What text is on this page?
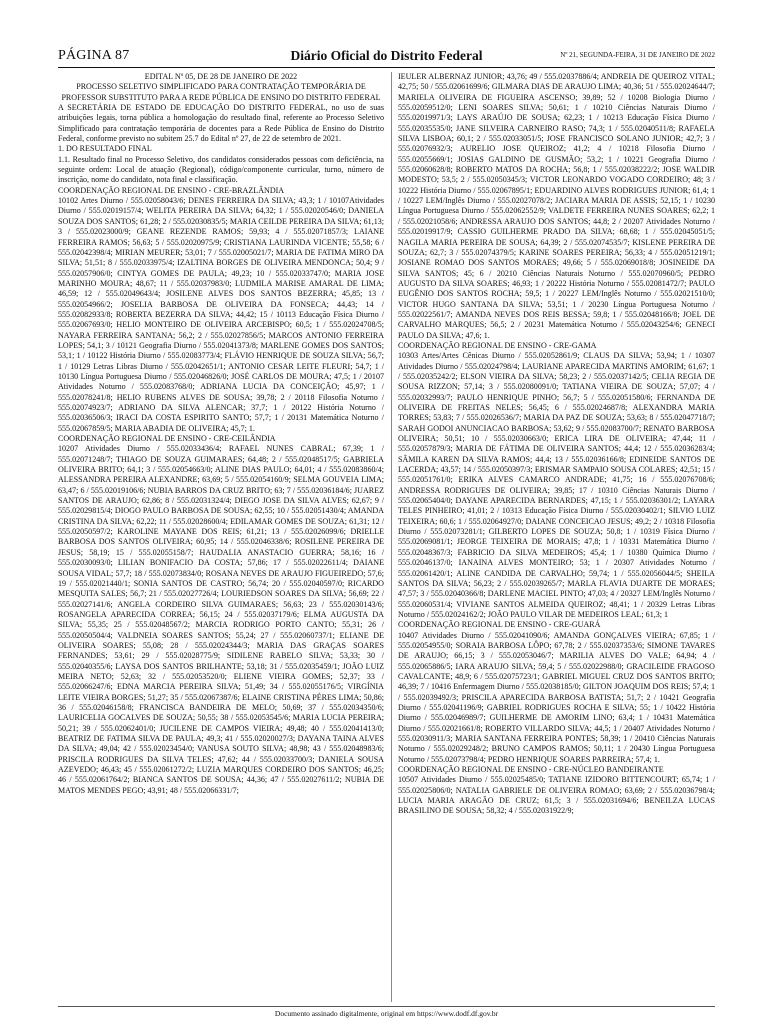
PÁGINA 87	Diário Oficial do Distrito Federal	Nº 21, SEGUNDA-FEIRA, 31 DE JANEIRO DE 2022

EDITAL Nº 05, DE 28 DE JANEIRO DE 2022

PROCESSO SELETIVO SIMPLIFICADO PARA CONTRATAÇÃO TEMPORÁRIA DE PROFESSOR SUBSTITUTO PARA A REDE PÚBLICA DE ENSINO DO DISTRITO FEDERAL

A SECRETÁRIA DE ESTADO DE EDUCAÇÃO DO DISTRITO FEDERAL, no uso de suas atribuições legais, torna pública a homologação do resultado final, referente ao Processo Seletivo Simplificado para contratação temporária de docentes para a Rede Pública de Ensino do Distrito Federal, conforme previsto no subitem 25.7 do Edital nº 27, de 22 de setembro de 2021.

1. DO RESULTADO FINAL

1.1. Resultado final no Processo Seletivo, dos candidatos considerados pessoas com deficiência, na seguinte ordem: Local de atuação (Regional), código/componente curricular, turno, número de inscrição, nome do candidato, nota final e classificação.

COORDENAÇÃO REGIONAL DE ENSINO - CRE-BRAZLÂNDIA

10102 Artes Diurno / 555.02058043/6; DENES FERREIRA DA SILVA; 43,3; 1 / 10107Atividades Diurno / 555.02019157/4; WELITA PEREIRA DA SILVA; 64,32; 1 / 555.02020546/0; DANIELA SOUZA DOS SANTOS; 61,28; 2 / 555.02030835/5; MARIA CEILDE PEREIRA DA SILVA; 61,13; 3 / 555.02023000/9; GEANE REZENDE RAMOS; 59,93; 4 / 555.02071857/3; LAIANE FERREIRA RAMOS; 56,63; 5 / 555.02020975/9; CRISTIANA LAURINDA VICENTE; 55,58; 6 / 555.02042398/4; MIRIAN MEURER; 53,01; 7 / 555.02005021/7; MARIA DE FATIMA MIRO DA SILVA; 51,51; 8 / 555.02033975/4; IZALTINA BORGES DE OLIVEIRA MENDONCA; 50,4; 9 / 555.02057906/0; CINTYA GOMES DE PAULA; 49,23; 10 / 555.02033747/0; MARIA JOSE MARINHO MOURA; 48,67; 11 / 555.02037983/0; LUDMILA MARISE AMARAL DE LIMA; 46,59; 12 / 555.02049643/4; JOSILENE ALVES DOS SANTOS BEZERRA; 45,85; 13 / 555.02054966/2; JOSELIA BARBOSA DE OLIVEIRA DA FONSECA; 44,43; 14 / 555.02082933/8; ROBERTA BEZERRA DA SILVA; 44,42; 15 / 10113 Educação Física Diurno / 555.02067693/0; HELIO MONTEIRO DE OLIVEIRA ARCEBISPO; 60,5; 1 / 555.02024708/5; NAYARA FERREIRA SANTANA; 56,2; 2 / 555.02027856/5; MARCOS ANTONIO FERREIRA LOPES; 54,1; 3 / 10121 Geografia Diurno / 555.02041373/8; MARLENE GOMES DOS SANTOS; 53,1; 1 / 10122 História Diurno / 555.02083773/4; FLÁVIO HENRIQUE DE SOUZA SILVA; 56,7; 1 / 10129 Letras Libras Diurno / 555.02042651/1; ANTONIO CESAR LEITE FLEURI; 54,7; 1 / 10130 Língua Portuguesa Diurno / 555.02046826/0; JOSÉ CARLOS DE MOURA; 47,5; 1 / 20107 Atividades Noturno / 555.02083768/0; ADRIANA LUCIA DA CONCEIÇÃO; 45,97; 1 / 555.02078241/8; HELIO RUBENS ALVES DE SOUSA; 39,78; 2 / 20118 Filosofia Noturno / 555.02074923/7; ADRIANO DA SILVA ALENCAR; 37,7; 1 / 20122 História Noturno / 555.02036506/3; IRACI DA COSTA ESPIRITO SANTO; 57,7; 1 / 20131 Matemática Noturno / 555.02067859/5; MARIA ABADIA DE OLIVEIRA; 45,7; 1.

COORDENAÇÃO REGIONAL DE ENSINO - CRE-CEILÂNDIA

10207 Atividades Diurno / 555.02033436/4; RAFAEL NUNES CABRAL; 67,39; 1 / 555.02071248/7; THIAGO DE SOUZA GUIMARAES; 64,48; 2 / 555.02048517/5; GABRIELA OLIVEIRA BRITO; 64,1; 3 / 555.02054663/0; ALINE DIAS PAULO; 64,01; 4 / 555.02083860/4; ALESSANDRA PEREIRA ALEXANDRE; 63,69; 5 / 555.02054160/9; SELMA GOUVEIA LIMA; 63,47; 6 / 555.02019106/6; NUBIA BARROS DA CRUZ BRITO; 63; 7 / 555.02036184/6; JUAREZ SANTOS DE ARAUJO; 62,86; 8 / 555.02031324/4; DIEGO JOSE DA SILVA ALVES; 62,67; 9 / 555.02029815/4; DIOGO PAULO BARBOSA DE SOUSA; 62,55; 10 / 555.02051430/4; AMANDA CRISTINA DA SILVA; 62,22; 11 / 555.02028600/4; EDILAMAR GOMES DE SOUZA; 61,31; 12 / 555.02050597/2; KAROLINE MAYANE DOS REIS; 61,21; 13 / 555.02026099/6; DRIELLE BARBOSA DOS SANTOS OLIVEIRA; 60,95; 14 / 555.02046338/6; ROSILENE PEREIRA DE JESUS; 58,19; 15 / 555.02055158/7; HAUDALIA ANASTACIO GUERRA; 58,16; 16 / 555.02030093/0; LILIAN BONIFACIO DA COSTA; 57,86; 17 / 555.02022611/4; DAIANE SOUSA VIDAL; 57,7; 18 / 555.02073834/0; ROSANA NEVES DE ARAUJO FIGUEIREDO; 57,6; 19 / 555.02021440/1; SONIA SANTOS DE CASTRO; 56,74; 20 / 555.02040597/0; RICARDO MESQUITA SALES; 56,7; 21 / 555.02027726/4; LOURIEDSON SOARES DA SILVA; 56,69; 22 / 555.02027141/6; ANGELA CORDEIRO SILVA GUIMARAES; 56,63; 23 / 555.02030143/6; ROSANGELA APARECIDA CORREA; 56,15; 24 / 555.02037179/6; ELMA AUGUSTA DA SILVA; 55,35; 25 / 555.02048567/2; MARCIA RODRIGO PORTO CANTO; 55,31; 26 / 555.02050504/4; VALDNEIA SOARES SANTOS; 55,24; 27 / 555.02060737/1; ELIANE DE OLIVEIRA SOARES; 55,08; 28 / 555.02024344/3; MARIA DAS GRAÇAS SOARES FERNANDES; 53,61; 29 / 555.02028775/9; SIDILENE RABELO SILVA; 53,33; 30 / 555.02040355/6; LAYSA DOS SANTOS BRILHANTE; 53,18; 31 / 555.02035459/1; JOÃO LUIZ MEIRA NETO; 52,63; 32 / 555.02053520/0; ELIENE VIEIRA GOMES; 52,37; 33 / 555.02066247/6; EDNA MARCIA PEREIRA SILVA; 51,49; 34 / 555.02055176/5; VIRGÍNIA LEITE VIEIRA BORGES; 51,27; 35 / 555.02067387/6; ELAINE CRISTINA PÉRES LIMA; 50,86; 36 / 555.02046158/8; FRANCISCA BANDEIRA DE MELO; 50,69; 37 / 555.02034350/6; LAURICELIA GOCALVES DE SOUZA; 50,55; 38 / 555.02053545/6; MARIA LUCIA PEREIRA; 50,21; 39 / 555.02062401/0; JUCILENE DE CAMPOS VIEIRA; 49,48; 40 / 555.02041413/0; BEATRIZ DE FATIMA SILVA DE PAULA; 49,3; 41 / 555.02020027/3; DAYANA TAINA ALVES DA SILVA; 49,04; 42 / 555.02023454/0; VANUSA SOUTO SILVA; 48,98; 43 / 555.02048983/6; PRISCILA RODRIGUES DA SILVA TELES; 47,62; 44 / 555.02033700/3; DANIELA SOUSA AZEVEDO; 46,43; 45 / 555.02061272/2; LUZIA MARQUES CORDEIRO DOS SANTOS; 46,25; 46 / 555.02061764/2; BIANCA SANTOS DE SOUSA; 44,36; 47 / 555.02027611/2; NUBIA DE MATOS MENDES PEGO; 43,91; 48 / 555.02066331/7;

IEULER ALBERNAZ JUNIOR; 43,76; 49 / 555.02037886/4; ANDREIA DE QUEIROZ VITAL; 42,75; 50 / 555.02061699/6; GILMARA DIAS DE ARAUJO LIMA; 40,36; 51 / 555.02024644/7; MARIELA OLIVEIRA DE FIGUEIRA ASCENSO; 39,89; 52 / 10208 Biologia Diurno / 555.02059512/0; LENI SOARES SILVA; 50,61; 1 / 10210 Ciências Naturais Diurno / 555.02019971/3; LAYS ARAÚJO DE SOUSA; 62,23; 1 / 10213 Educação Física Diurno / 555.02035535/0; JANE SILVEIRA CARNEIRO RASO; 74,3; 1 / 555.02040511/8; RAFAELA SILVA LISBOA; 60,1; 2 / 555.02033051/5; JOSE FRANCISCO SOLANO JUNIOR; 42,7; 3 / 555.02076932/3; AURELIO JOSE QUEIROZ; 41,2; 4 / 10218 Filosofia Diurno / 555.02055669/1; JOSIAS GALDINO DE GUSMÃO; 53,2; 1 / 10221 Geografia Diurno / 555.02060628/8; ROBERTO MATOS DA ROCHA; 56,8; 1 / 555.02038222/2; JOSE WALDIR MODESTO; 53,5; 2 / 555.02050345/3; VICTOR LEONARDO VOGADO CORDEIRO; 48; 3 / 10222 História Diurno / 555.02067895/1; EDUARDINO ALVES RODRIGUES JUNIOR; 61,4; 1 / 10227 LEM/Inglês Diurno / 555.02027078/2; JACIARA MARIA DE ASSIS; 52,15; 1 / 10230 Língua Portuguesa Diurno / 555.02062552/9; VALDETE FERREIRA NUNES SOARES; 62,2; 1 / 555.02021058/6; ANDRESSA ARAUJO DOS SANTOS; 44,8; 2 / 20207 Atividades Noturno / 555.02019917/9; CASSIO GUILHERME PRADO DA SILVA; 68,68; 1 / 555.02045051/5; NAGILA MARIA PEREIRA DE SOUSA; 64,39; 2 / 555.02074535/7; KISLENE PEREIRA DE SOUZA; 62,7; 3 / 555.02074379/5; KARINE SOARES PEREIRA; 56,33; 4 / 555.02051219/1; JOSIANE ROMAO DOS SANTOS MORAES; 49,66; 5 / 555.02069018/8; JOSINEIDE DA SILVA SANTOS; 45; 6 / 20210 Ciências Naturais Noturno / 555.02070960/5; PEDRO AUGUSTO DA SILVA SOARES; 46,93; 1 / 20222 História Noturno / 555.02081472/7; PAULO EUGÊNIO DOS SANTOS ROCHA; 59,5; 1 / 20227 LEM/Inglês Noturno / 555.02021510/0; VICTOR HUGO SANTANA DA SILVA; 53,51; 1 / 20230 Língua Portuguesa Noturno / 555.02022561/7; AMANDA NEVES DOS REIS BESSA; 59,8; 1 / 555.02048166/8; JOEL DE CARVALHO MARQUES; 56,5; 2 / 20231 Matemática Noturno / 555.02043254/6; GENECI PAULO DA SILVA; 47,6; 1.

COORDENAÇÃO REGIONAL DE ENSINO - CRE-GAMA

10303 Artes/Artes Cênicas Diurno / 555.02052861/9; CLAUS DA SILVA; 53,94; 1 / 10307 Atividades Diurno / 555.02024798/4; LAURIANE APARECIDA MARTINS AMORIM; 61,67; 1 / 555.02035242/2; ELSON VIEIRA DA SILVA; 58,23; 2 / 555.02037142/5; CELIA REGIA DE SOUSA RIZZON; 57,14; 3 / 555.02080091/0; TATIANA VIEIRA DE SOUZA; 57,07; 4 / 555.02032993/7; PAULO HENRIQUE PINHO; 56,7; 5 / 555.02051580/6; FERNANDA DE OLIVEIRA DE FREITAS NELES; 56,45; 6 / 555.02024687/8; ALEXANDRA MARIA TORRES; 53,83; 7 / 555.02026536/7; MARIA DA PAZ DE SOUZA; 53,63; 8 / 555.02047718/7; SARAH GODOI ANUNCIACAO BARBOSA; 53,62; 9 / 555.02083700/7; RENATO BARBOSA OLIVEIRA; 50,51; 10 / 555.02030663/0; ERICA LIRA DE OLIVEIRA; 47,44; 11 / 555.02057879/3; MARIA DE FÁTIMA DE OLIVEIRA SANTOS; 44,4; 12 / 555.02036283/4; SÂMILA KAREN DA SILVA RAMOS; 44,4; 13 / 555.02036166/8; EDINEIDE SANTOS DE LACERDA; 43,57; 14 / 555.02050397/3; ERISMAR SAMPAIO SOUSA COLARES; 42,51; 15 / 555.02051761/0; ERIKA ALVES CAMARCO ANDRADE; 41,75; 16 / 555.02076708/6; ANDRESSA RODRIGUES DE OLIVEIRA; 39,85; 17 / 10310 Ciências Naturais Diurno / 555.02065404/0; DAYANE APARECIDA BERNARDES; 47,15; 1 / 555.02036301/2; LAYARA TELES PINHEIRO; 41,01; 2 / 10313 Educação Física Diurno / 555.02030402/1; SILVIO LUIZ TEIXEIRA; 60,6; 1 / 555.02064927/0; DAIANE CONCEICAO JESUS; 49,2; 2 / 10318 Filosofia Diurno / 555.02073281/1; GILBERTO LOPES DE SOUZA; 50,8; 1 / 10319 Física Diurno / 555.02069081/1; JEORGE TEIXEIRA DE MORAIS; 47,8; 1 / 10331 Matemática Diurno / 555.02048367/3; FABRICIO DA SILVA MEDEIROS; 45,4; 1 / 10380 Química Diurno / 555.02046137/0; IANAINA ALVES MONTEIRO; 53; 1 / 20307 Atividades Noturno / 555.02061420/1; ALINE CANDIDA DE CARVALHO; 59,74; 1 / 555.02056044/5; SHEILA SANTOS DA SILVA; 56,23; 2 / 555.02039265/7; MARLA FLAVIA DUARTE DE MORAES; 47,57; 3 / 555.02040366/8; DARLENE MACIEL PINTO; 47,03; 4 / 20327 LEM/Inglês Noturno / 555.02060531/4; VIVIANE SANTOS ALMEIDA QUEIROZ; 48,41; 1 / 20329 Letras Libras Noturno / 555.02024162/2; JOÃO PAULO VILAR DE MEDEIROS LEAL; 61,3; 1

COORDENAÇÃO REGIONAL DE ENSINO - CRE-GUARÁ

10407 Atividades Diurno / 555.02041090/6; AMANDA GONÇALVES VIEIRA; 67,85; 1 / 555.02054955/0; SORAIA BARBOSA LÔPO; 67,78; 2 / 555.02037353/6; SIMONE TAVARES DE ARAUJO; 66,15; 3 / 555.02053046/7; MARILIA ALVES DO VALE; 64,94; 4 / 555.02065886/5; IARA ARAUJO SILVA; 59,4; 5 / 555.02022988/0; GRACILEIDE FRAGOSO CAVALCANTE; 48,9; 6 / 555.02075723/1; GABRIEL MIGUEL CRUZ DOS SANTOS BRITO; 46,39; 7 / 10416 Enfermagem Diurno / 555.02038185/0; GILTON JOAQUIM DOS REIS; 57,4; 1 / 555.02039492/3; PRISCILA APARECIDA BARBOSA BATISTA; 51,7; 2 / 10421 Geografia Diurno / 555.02041196/9; GABRIEL RODRIGUES ROCHA E SILVA; 55; 1 / 10422 História Diurno / 555.02046989/7; GUILHERME DE AMORIM LINO; 63,4; 1 / 10431 Matemática Diurno / 555.02021661/8; ROBERTO VILLARDO SILVA; 44,5; 1 / 20407 Atividades Noturno / 555.02030911/3; MARIA SANTANA FERREIRA PONTES; 58,39; 1 / 20410 Ciências Naturais Noturno / 555.02029248/2; BRUNO CAMPOS RAMOS; 50,11; 1 / 20430 Língua Portuguesa Noturno / 555.02073798/4; PEDRO HENRIQUE SOARES PARREIRA; 57,4; 1.

COORDENAÇÃO REGIONAL DE ENSINO - CRE-NÚCLEO BANDEIRANTE

10507 Atividades Diurno / 555.02025485/0; TATIANE IZIDORO BITTENCOURT; 65,74; 1 / 555.02025806/0; NATALIA GABRIELE DE OLIVEIRA ROMAO; 63,69; 2 / 555.02036798/4; LUCIA MARIA ARAGÃO DE CRUZ; 61,5; 3 / 555.02031694/6; BENEILZA LUCAS BRASILINO DE SOUSA; 58,32; 4 / 555.02031922/9;

Documento assinado digitalmente, original em https://www.dodf.df.gov.br
